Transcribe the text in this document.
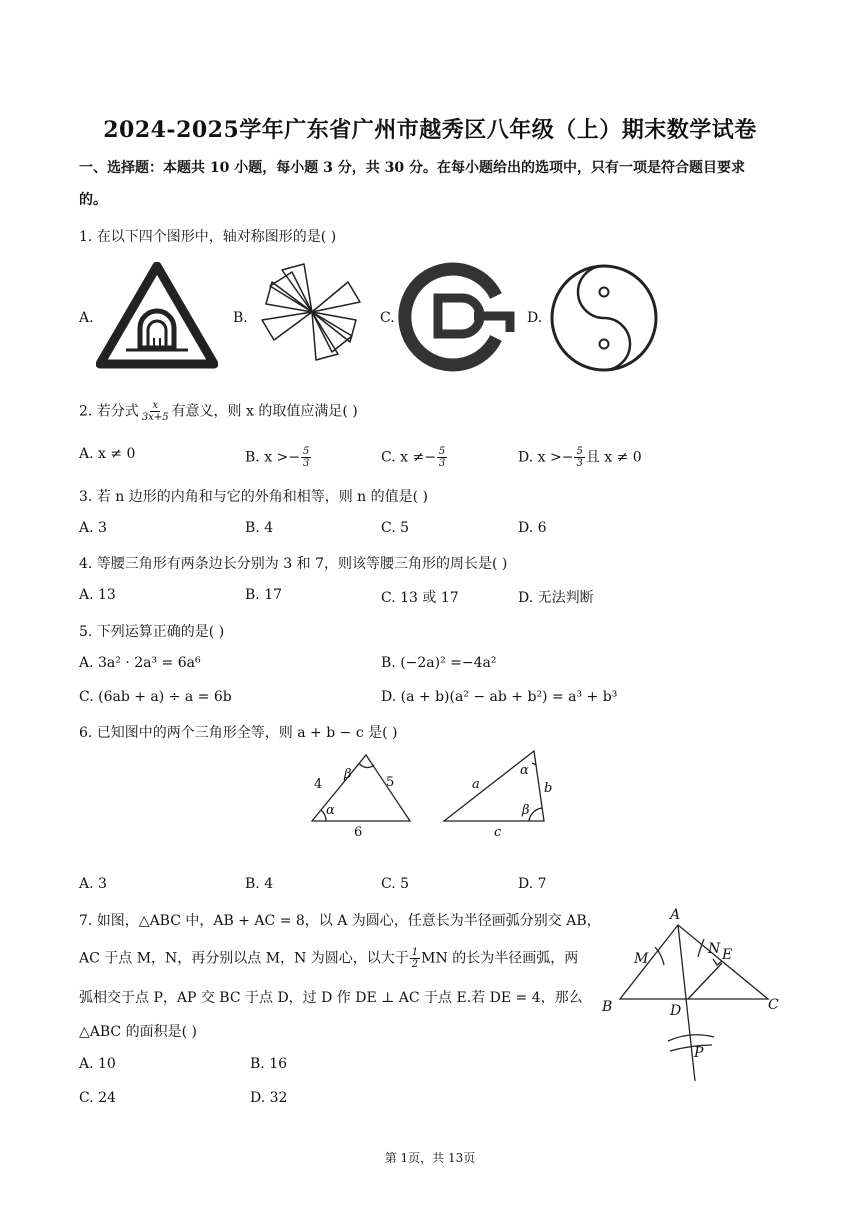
2024-2025学年广东省广州市越秀区八年级（上）期末数学试卷
一、选择题：本题共 10 小题，每小题 3 分，共 30 分。在每小题给出的选项中，只有一项是符合题目要求
的。
1. 在以下四个图形中，轴对称图形的是( )
A.	B.	C.	D.
2. 若分式 $\frac{x}{3x+5}$ 有意义，则 x 的取值应满足( )
A. x ≠ 0	B. $x >- \frac{5}{3}$	C. $x \ne- \frac{5}{3}$	D. $x >- \frac{5}{3}$ 且 x ≠ 0
3. 若 n 边形的内角和与它的外角和相等，则 n 的值是( )
A. 3	B. 4	C. 5	D. 6
4. 等腰三角形有两条边长分别为 3 和 7，则该等腰三角形的周长是( )
A. 13	B. 17	C. 13 或 17	D. 无法判断
5. 下列运算正确的是( )
A. 3a² · 2a³ = 6a⁶	B. (−2a)² =−4a²
C. (6ab + a) ÷ a = 6b	D. (a + b)(a² − ab + b²) = a³ + b³
6. 已知图中的两个三角形全等，则 a + b − c 是( )
4	5
6
β
α
a	b
c
α
β
A. 3	B. 4	C. 5	D. 7
7. 如图，△ABC 中，AB + AC = 8，以 A 为圆心，任意长为半径画弧分别交 AB，
AC 于点 M，N，再分别以点 M，N 为圆心，以大于 $\frac{1}{2}$ MN 的长为半径画弧，两
弧相交于点 P，AP 交 BC 于点 D，过 D 作 DE ⊥ AC 于点 E.若 DE = 4，那么
△ABC 的面积是( )
A. 10	B. 16
C. 24	D. 32
A
B	C
D
E
M
N
P
第 1页，共 13页
